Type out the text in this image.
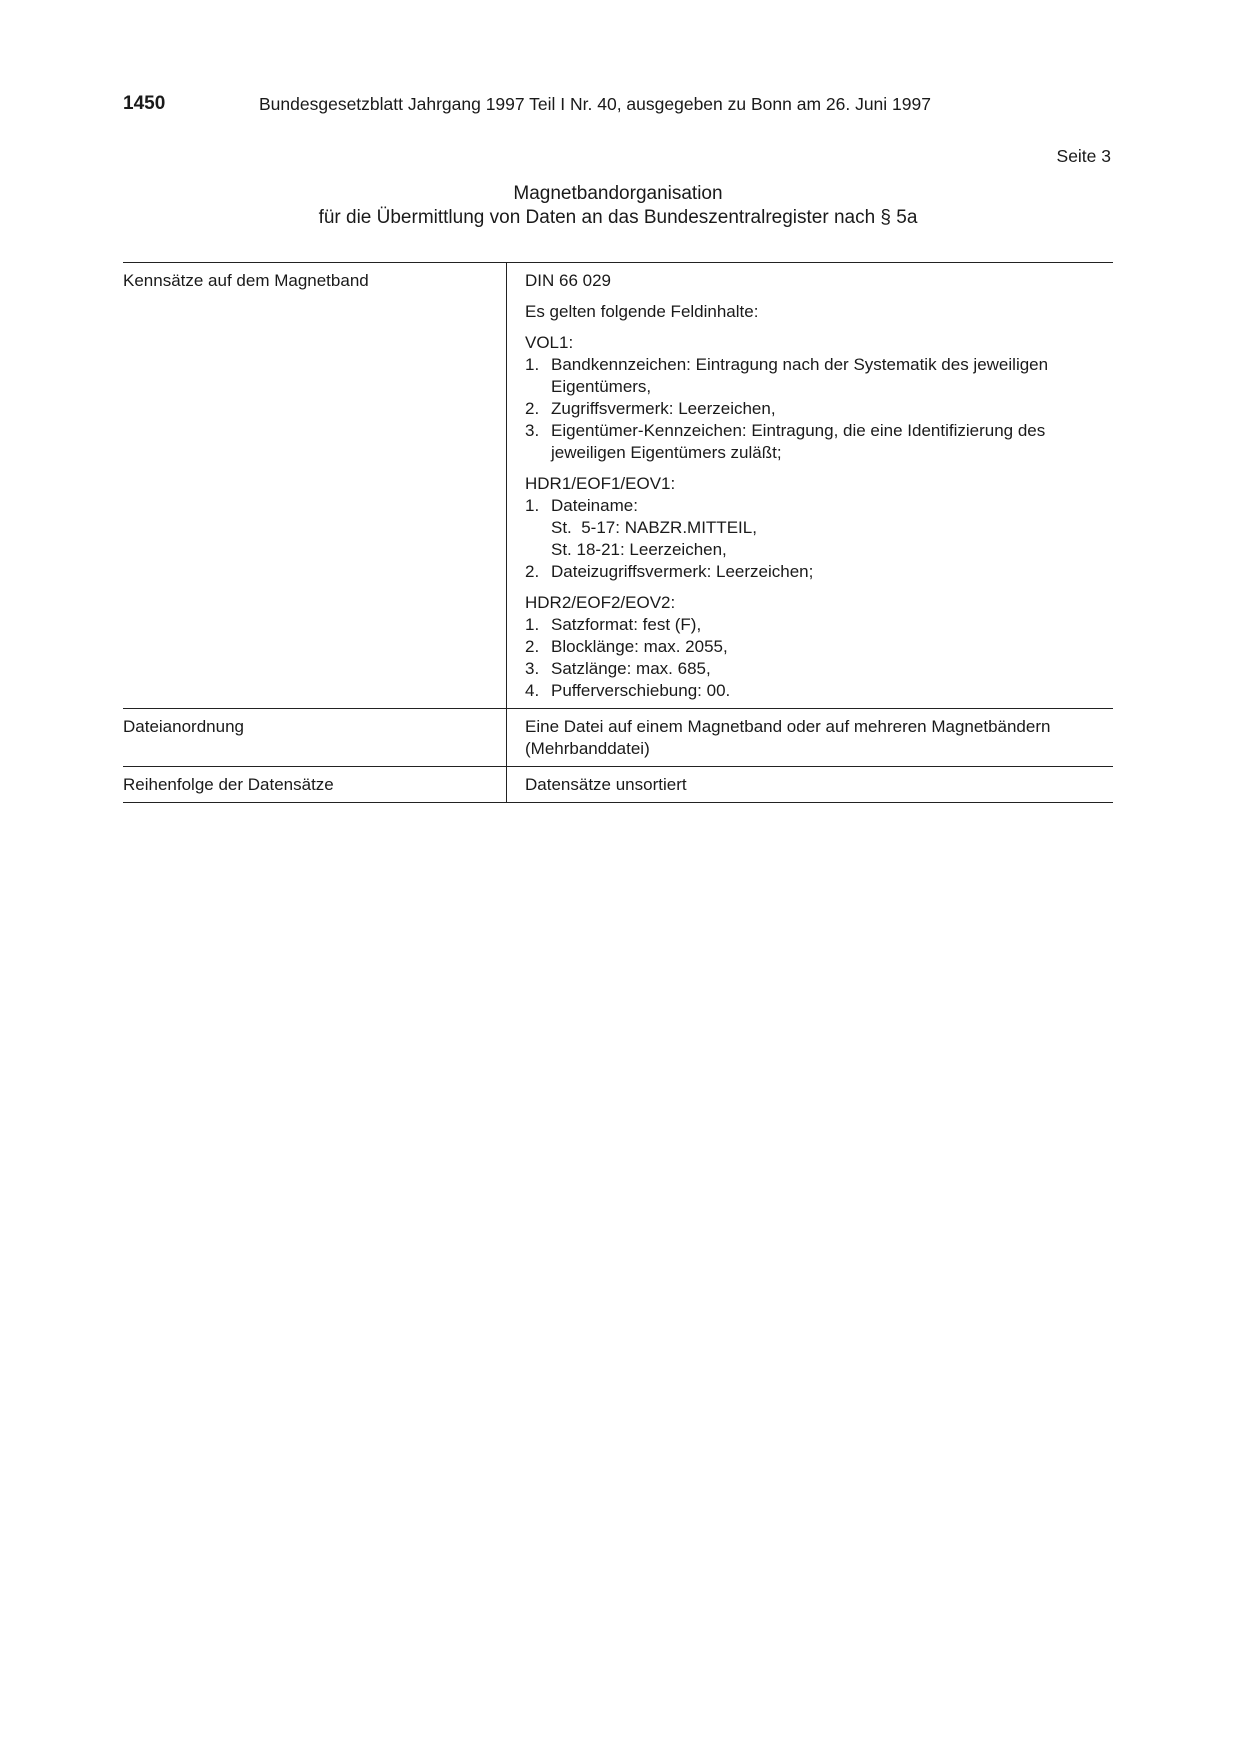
1450	Bundesgesetzblatt Jahrgang 1997 Teil I Nr. 40, ausgegeben zu Bonn am 26. Juni 1997
Seite 3
Magnetbandorganisation
für die Übermittlung von Daten an das Bundeszentralregister nach § 5a
Kennsätze auf dem Magnetband	DIN 66 029

Es gelten folgende Feldinhalte:

VOL1:

1. Bandkennzeichen: Eintragung nach der Systematik des jeweiligen Eigentümers,
2. Zugriffsvermerk: Leerzeichen,
3. Eigentümer-Kennzeichen: Eintragung, die eine Identifizierung des jeweiligen Eigentümers zuläßt;

HDR1/EOF1/EOV1:

1. Dateiname:
St.  5-17: NABZR.MITTEIL,
St. 18-21: Leerzeichen,
2. Dateizugriffsvermerk: Leerzeichen;

HDR2/EOF2/EOV2:

1. Satzformat: fest (F),
2. Blocklänge: max. 2055,
3. Satzlänge: max. 685,
4. Pufferverschiebung: 00.
Dateianordnung	Eine Datei auf einem Magnetband oder auf mehreren Magnetbändern (Mehrbanddatei)
Reihenfolge der Datensätze	Datensätze unsortiert
